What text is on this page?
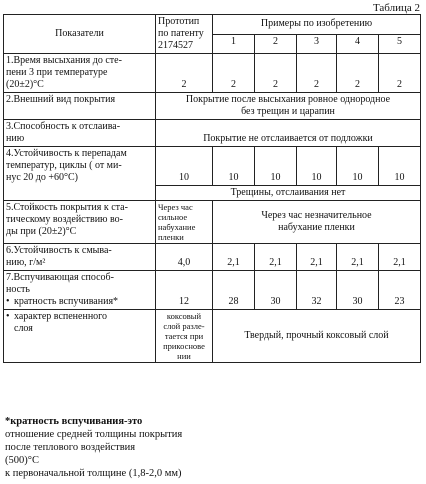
Таблица 2
Показатели	Прототип
по патенту
2174527	Примеры по изобретению				
		1	2	3	4	5

1.Время высыхания до сте-
пени 3 при температуре
(20±2)°С	2	2	2	2	2	2
2.Внешний вид покрытия	Покрытие после высыхания ровное однородное
без трещин и царапин					

3.Способность к отслаива-
нию	Покрытие не отслаивается от подложки					

4.Устойчивость к перепадам
температур, циклы ( от ми-
нус 20 до +60°С)	10	10	10	10	10	10
	Трещины, отслаивания нет					

5.Стойкость покрытия к ста-
тическому воздействию во-
ды при (20±2)°С	Через час
сильное
набухание
пленки	Через час незначительное
набухание пленки				

6.Устойчивость к смыва-
нию, г/м²	4,0	2,1	2,1	2,1	2,1	2,1

7.Вспучивающая способ-
ность
• кратность вспучивания*	12	28	30	32	30	23

• характер вспененного
слоя	коксовый
слой разле-
тается при
прикоснове
нии	Твердый, прочный коксовый слой				
*кратность вспучивания-это
отношение средней толщины покрытия
после теплового воздействия
(500)°С
к первоначальной толщине (1,8-2,0 мм)
